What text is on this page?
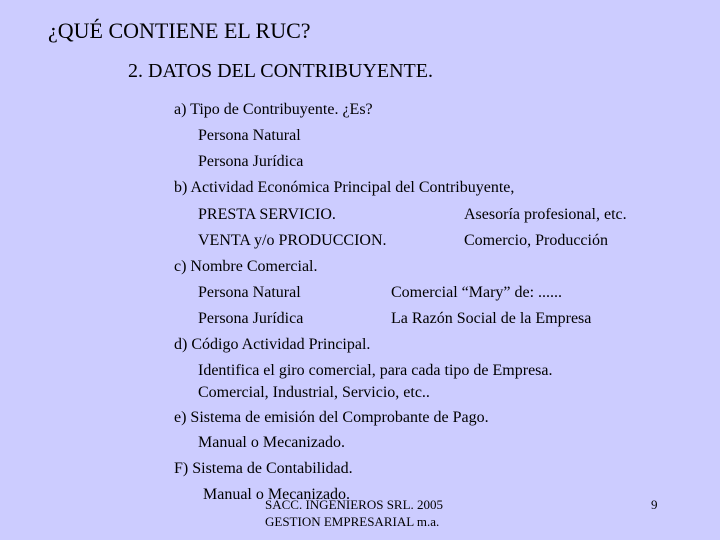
¿QUÉ CONTIENE EL RUC?
2. DATOS DEL CONTRIBUYENTE.
a) Tipo de Contribuyente. ¿Es?
Persona Natural
Persona Jurídica
b) Actividad Económica Principal del Contribuyente,
PRESTA SERVICIO.	Asesoría profesional, etc.
VENTA y/o PRODUCCION.	Comercio, Producción
c) Nombre Comercial.
Persona Natural	Comercial “Mary” de: ......
Persona Jurídica	La Razón Social de la Empresa
d) Código Actividad Principal.
Identifica el giro comercial, para cada tipo de Empresa.
Comercial, Industrial, Servicio, etc..
e) Sistema de emisión del Comprobante de Pago.
Manual o Mecanizado.
F) Sistema de Contabilidad.
Manual o Mecanizado.
SACC. INGENIEROS SRL. 2005
GESTION EMPRESARIAL m.a.
9
